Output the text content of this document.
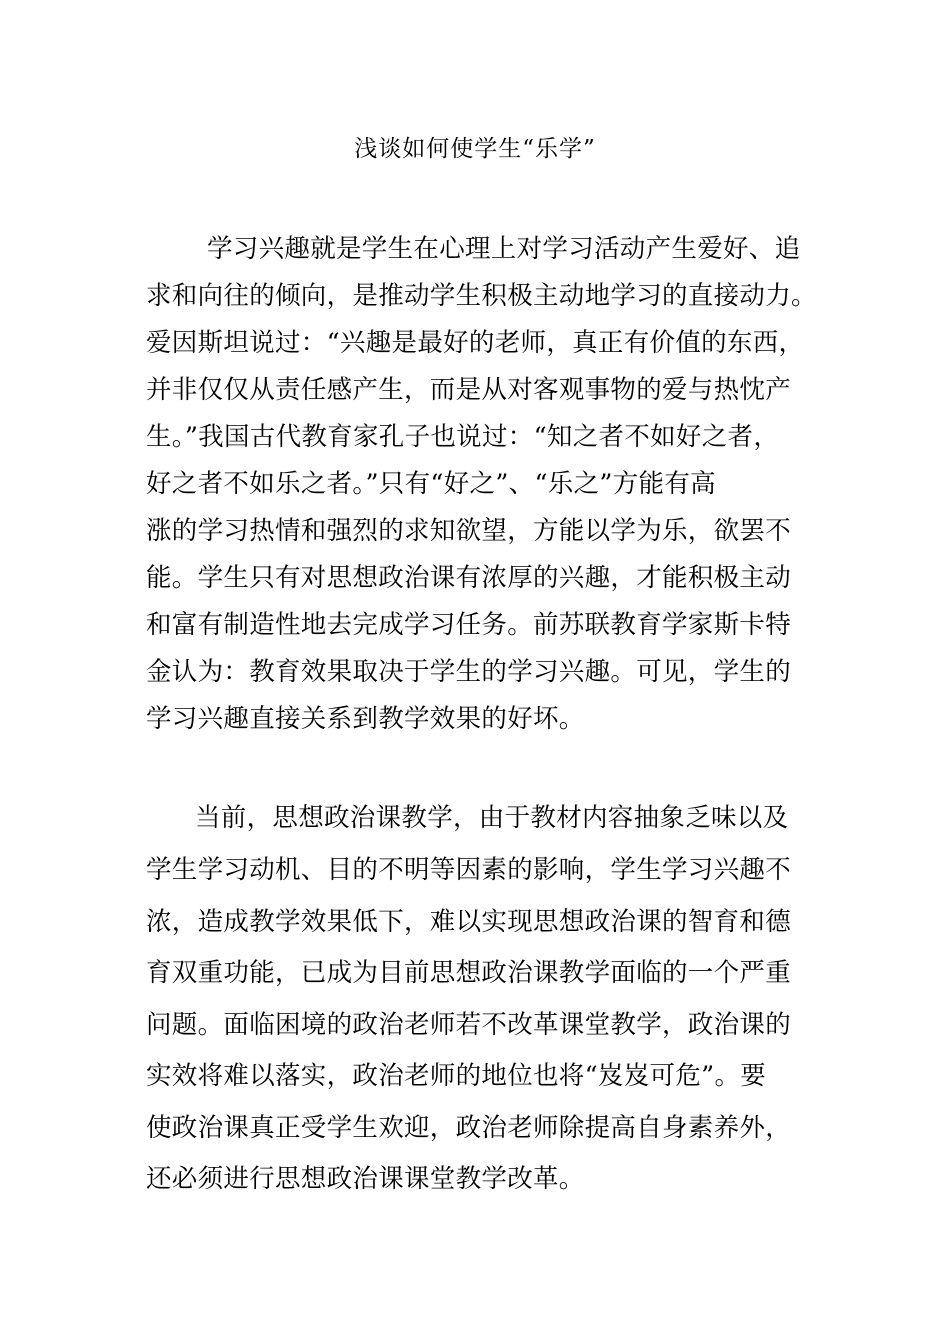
浅谈如何使学生“乐学”
学习兴趣就是学生在心理上对学习活动产生爱好、追
求和向往的倾向，是推动学生积极主动地学习的直接动力。
爱因斯坦说过：“兴趣是最好的老师，真正有价值的东西，
并非仅仅从责任感产生，而是从对客观事物的爱与热忱产
生。”我国古代教育家孔子也说过：“知之者不如好之者，
好之者不如乐之者。”只有“好之”、“乐之”方能有高
涨的学习热情和强烈的求知欲望，方能以学为乐，欲罢不
能。学生只有对思想政治课有浓厚的兴趣，才能积极主动
和富有制造性地去完成学习任务。前苏联教育学家斯卡特
金认为：教育效果取决于学生的学习兴趣。可见，学生的
学习兴趣直接关系到教学效果的好坏。
当前，思想政治课教学，由于教材内容抽象乏味以及
学生学习动机、目的不明等因素的影响，学生学习兴趣不
浓，造成教学效果低下，难以实现思想政治课的智育和德
育双重功能，已成为目前思想政治课教学面临的一个严重
问题。面临困境的政治老师若不改革课堂教学，政治课的
实效将难以落实，政治老师的地位也将“岌岌可危”。要
使政治课真正受学生欢迎，政治老师除提高自身素养外，
还必须进行思想政治课课堂教学改革。
